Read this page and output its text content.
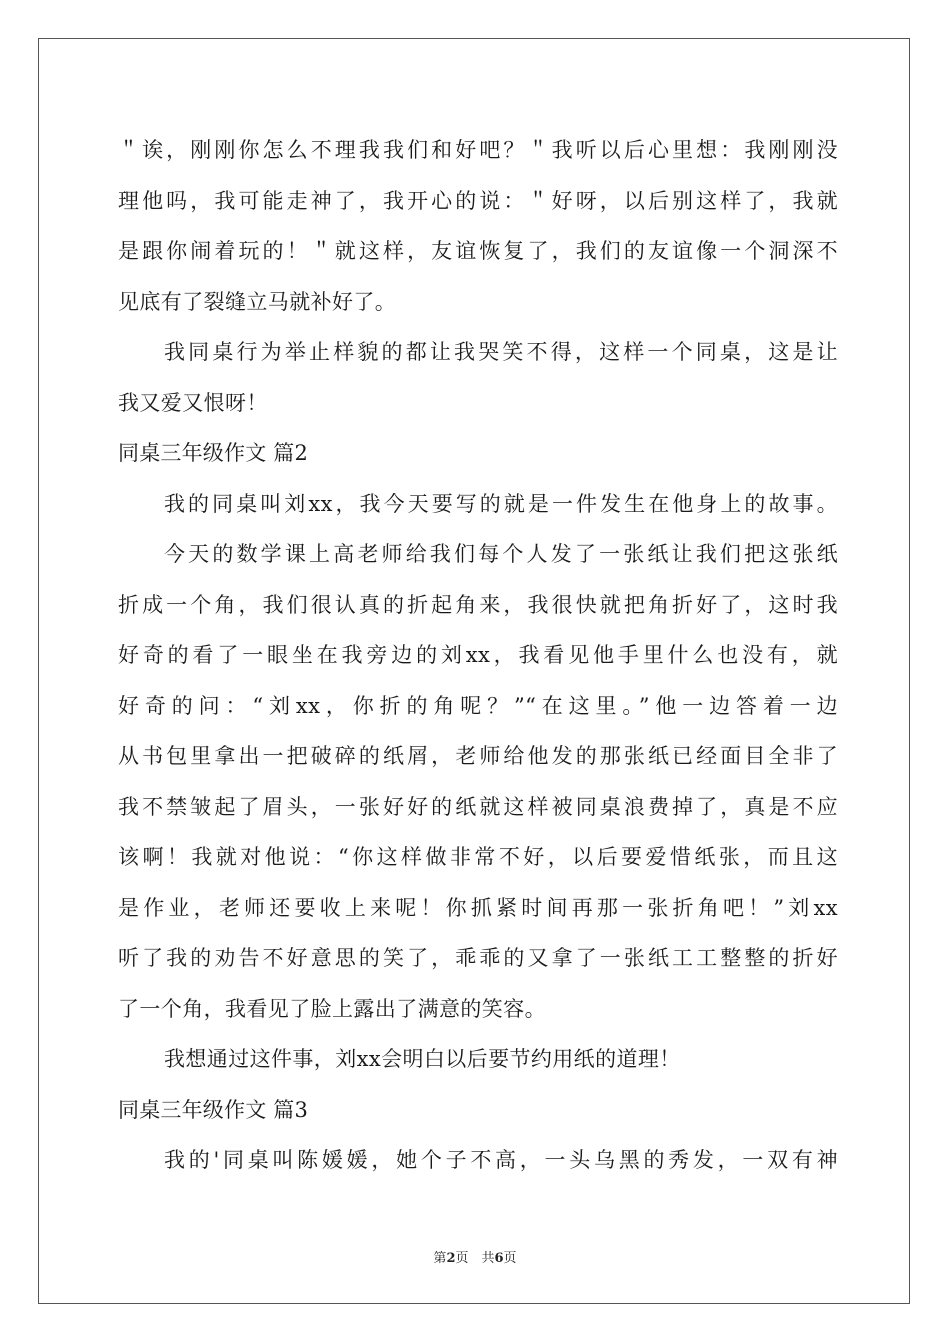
＂诶，刚刚你怎么不理我我们和好吧？＂我听以后心里想：我刚刚没
理他吗，我可能走神了，我开心的说：＂好呀，以后别这样了，我就
是跟你闹着玩的！＂就这样，友谊恢复了，我们的友谊像一个洞深不
见底有了裂缝立马就补好了。
我同桌行为举止样貌的都让我哭笑不得，这样一个同桌，这是让
我又爱又恨呀！
同桌三年级作文 篇2
我的同桌叫刘xx，我今天要写的就是一件发生在他身上的故事。
今天的数学课上高老师给我们每个人发了一张纸让我们把这张纸
折成一个角，我们很认真的折起角来，我很快就把角折好了，这时我
好奇的看了一眼坐在我旁边的刘xx，我看见他手里什么也没有，就
好奇的问：“刘xx，你折的角呢？”“在这里。”他一边答着一边
从书包里拿出一把破碎的纸屑，老师给他发的那张纸已经面目全非了
我不禁皱起了眉头，一张好好的纸就这样被同桌浪费掉了，真是不应
该啊！我就对他说：“你这样做非常不好，以后要爱惜纸张，而且这
是作业，老师还要收上来呢！你抓紧时间再那一张折角吧！”刘xx
听了我的劝告不好意思的笑了，乖乖的又拿了一张纸工工整整的折好
了一个角，我看见了脸上露出了满意的笑容。
我想通过这件事，刘xx会明白以后要节约用纸的道理！
同桌三年级作文 篇3
我的'同桌叫陈媛媛，她个子不高，一头乌黑的秀发，一双有神
第2页　共6页
